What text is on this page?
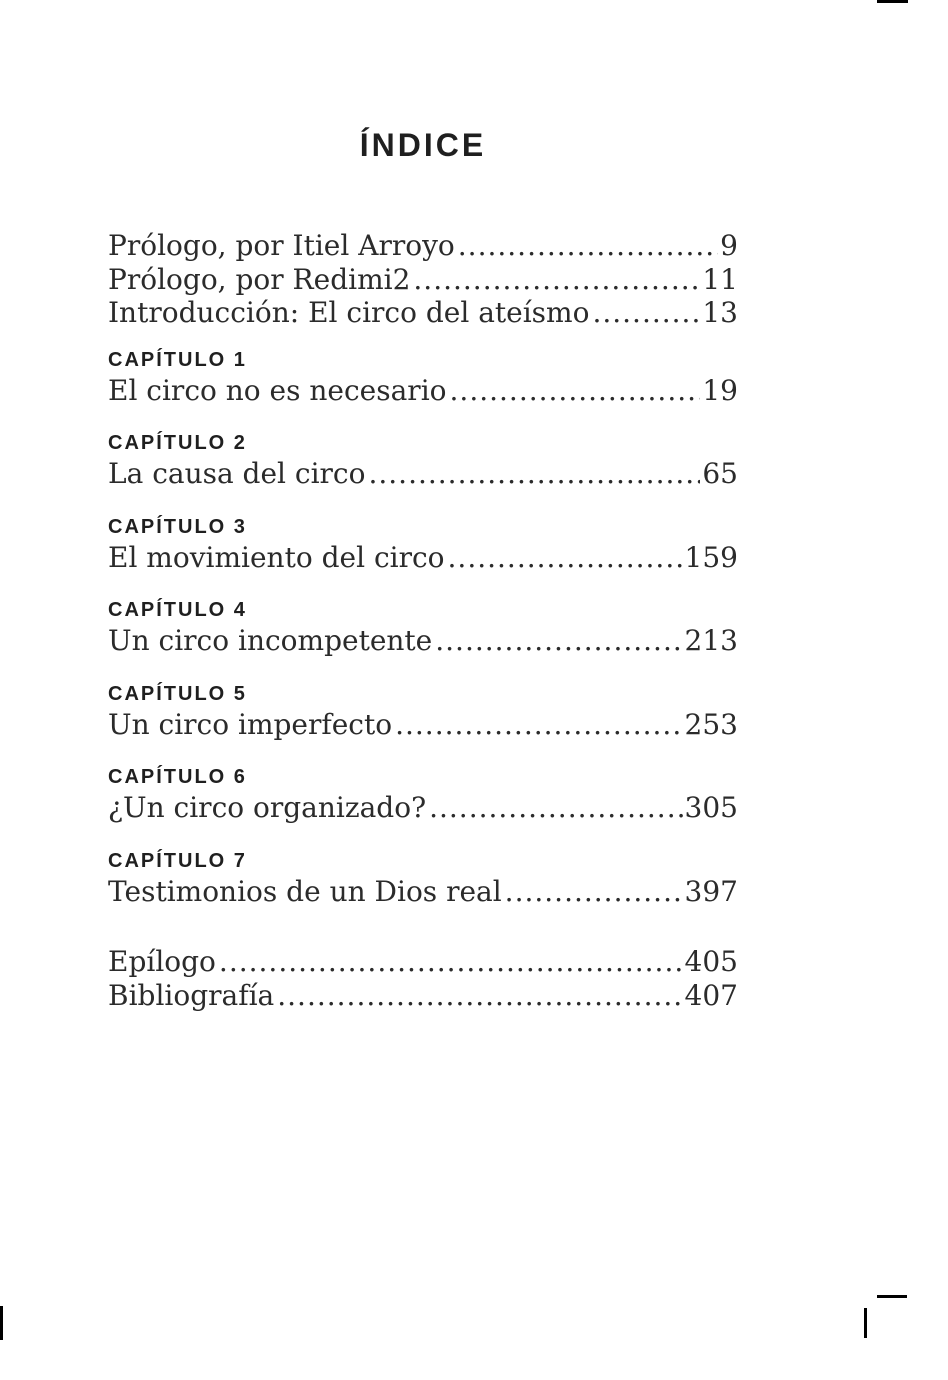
ÍNDICE
Prólogo, por Itiel Arroyo .....	9
Prólogo, por Redimi2 .....	11
Introducción: El circo del ateísmo .....	13
CAPÍTULO 1
El circo no es necesario .....	19
CAPÍTULO 2
La causa del circo .....	65
CAPÍTULO 3
El movimiento del circo .....	159
CAPÍTULO 4
Un circo incompetente .....	213
CAPÍTULO 5
Un circo imperfecto .....	253
CAPÍTULO 6
¿Un circo organizado? .....	305
CAPÍTULO 7
Testimonios de un Dios real .....	397
Epílogo .....	405
Bibliografía .....	407
